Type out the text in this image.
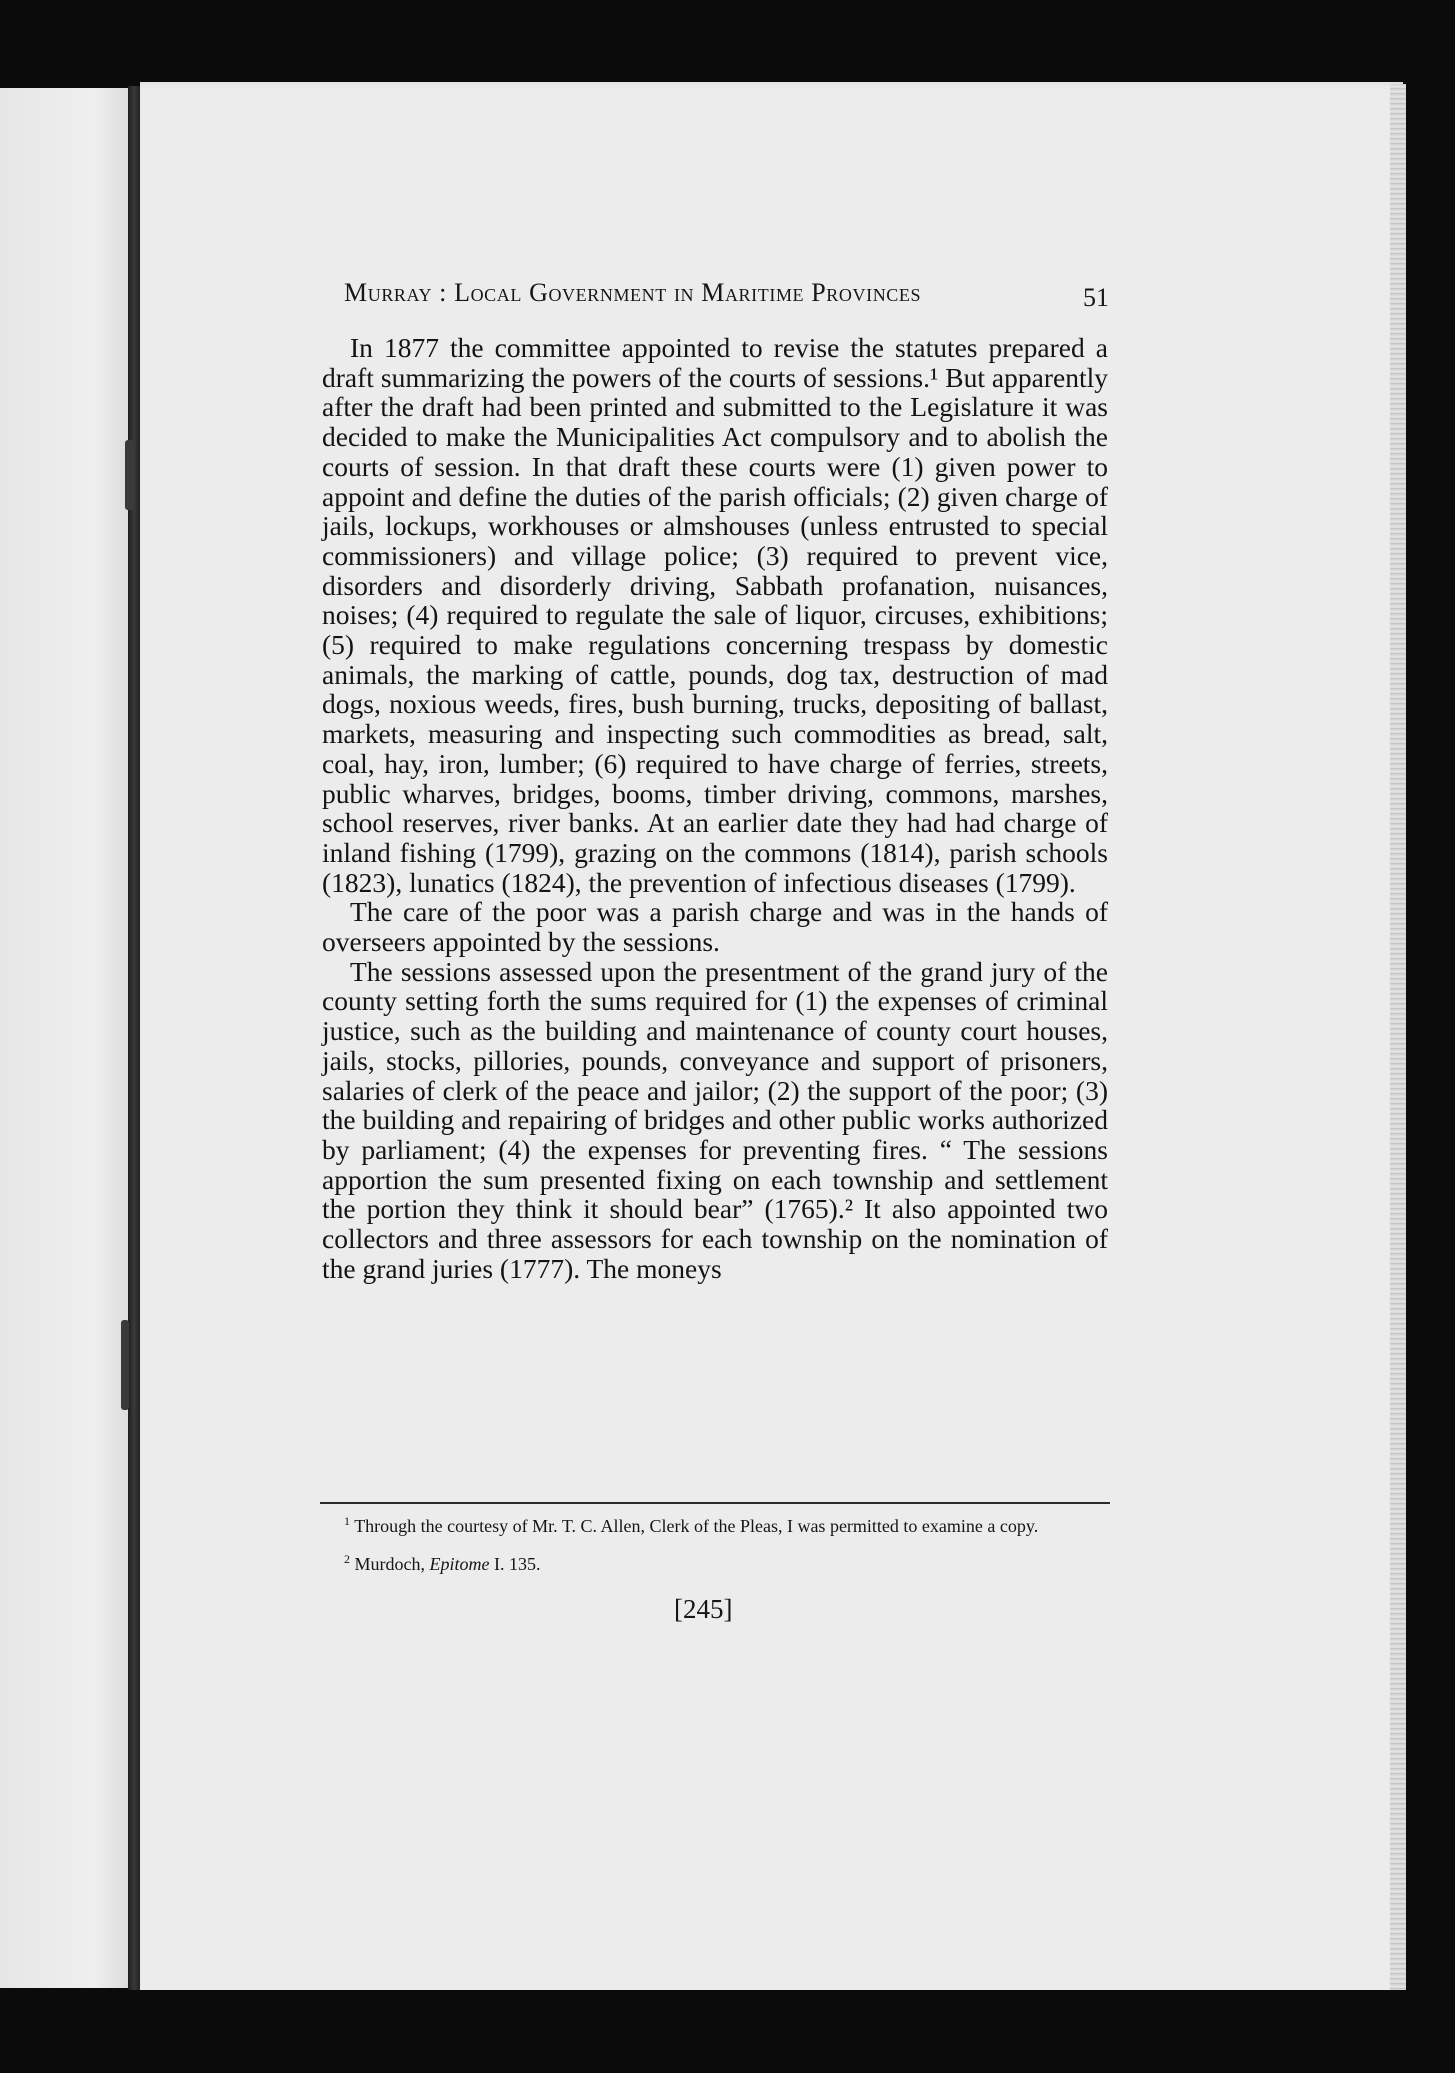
Murray : Local Government in Maritime Provinces	51

In 1877 the committee appointed to revise the statutes prepared a draft summarizing the powers of the courts of sessions.¹ But apparently after the draft had been printed and submitted to the Legislature it was decided to make the Municipalities Act compulsory and to abolish the courts of session. In that draft these courts were (1) given power to appoint and define the duties of the parish officials; (2) given charge of jails, lockups, workhouses or almshouses (unless entrusted to special commissioners) and village police; (3) required to prevent vice, disorders and disorderly driving, Sabbath profanation, nuisances, noises; (4) required to regulate the sale of liquor, circuses, exhibitions; (5) required to make regulations concerning trespass by domestic animals, the marking of cattle, pounds, dog tax, destruction of mad dogs, noxious weeds, fires, bush burning, trucks, depositing of ballast, markets, measuring and inspecting such commodities as bread, salt, coal, hay, iron, lumber; (6) required to have charge of ferries, streets, public wharves, bridges, booms, timber driving, commons, marshes, school reserves, river banks. At an earlier date they had had charge of inland fishing (1799), grazing on the commons (1814), parish schools (1823), lunatics (1824), the prevention of infectious diseases (1799).

The care of the poor was a parish charge and was in the hands of overseers appointed by the sessions.

The sessions assessed upon the presentment of the grand jury of the county setting forth the sums required for (1) the expenses of criminal justice, such as the building and maintenance of county court houses, jails, stocks, pillories, pounds, conveyance and support of prisoners, salaries of clerk of the peace and jailor; (2) the support of the poor; (3) the building and repairing of bridges and other public works authorized by parliament; (4) the expenses for preventing fires. “ The sessions apportion the sum presented fixing on each township and settlement the portion they think it should bear” (1765).² It also appointed two collectors and three assessors for each township on the nomination of the grand juries (1777). The moneys

$^1$ Through the courtesy of Mr. T. C. Allen, Clerk of the Pleas, I was permitted to examine a copy.

$^2$ Murdoch, Epitome I. 135.

[245]
